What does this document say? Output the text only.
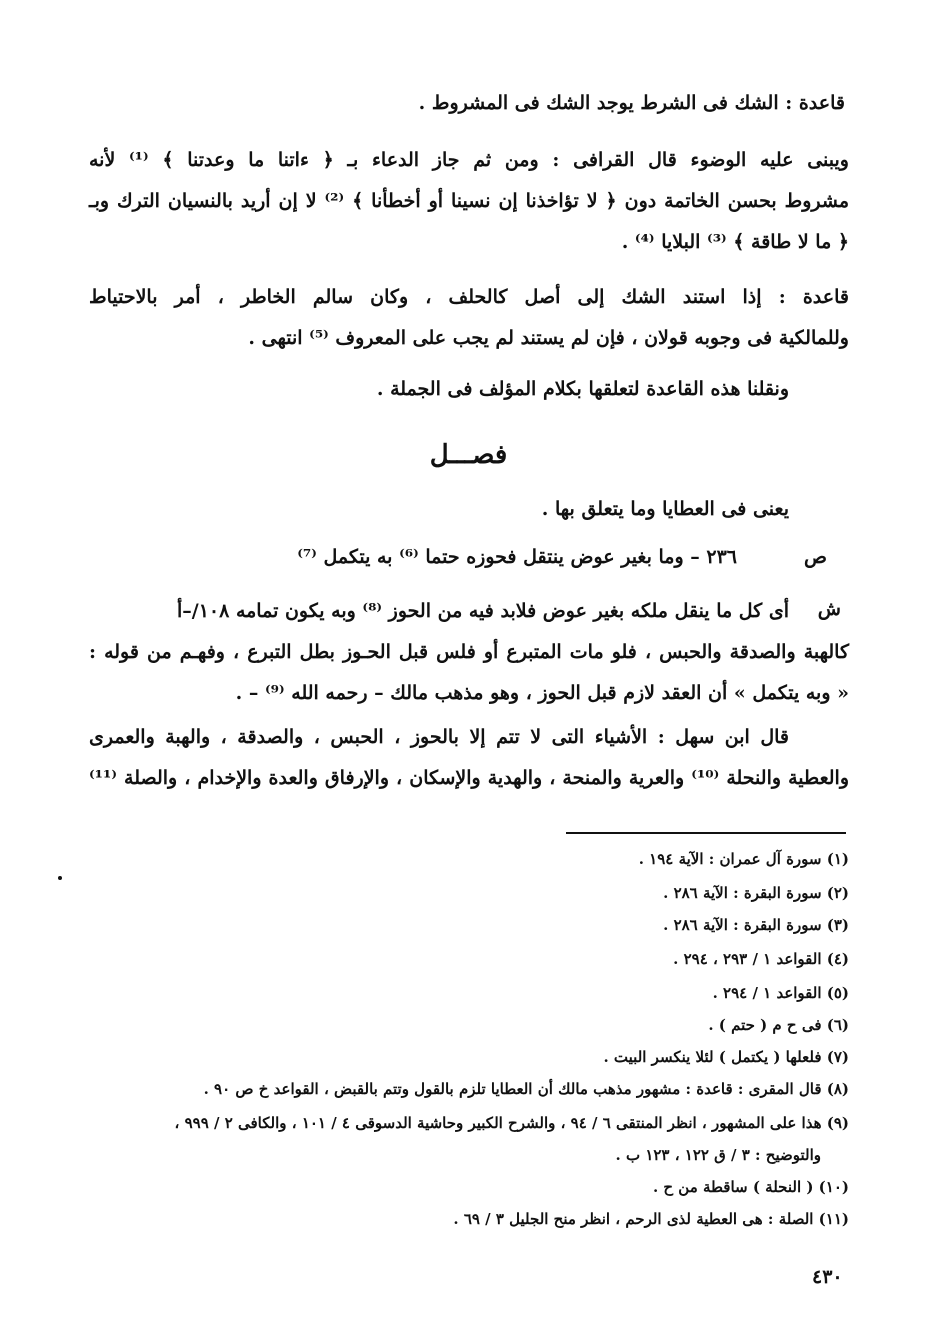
قاعدة : الشك فى الشرط يوجد الشك فى المشروط .
ويبنى عليه الوضوء قال القرافى : ومن ثم جاز الدعاء بـ ﴿ ءاتنا ما وعدتنا ﴾ ⁽¹⁾ لأنه
مشروط بحسن الخاتمة دون ﴿ لا تؤاخذنا إن نسينا أو أخطأنا ﴾ ⁽²⁾ لا إن أريد بالنسيان الترك وبـ
﴿ ما لا طاقة ﴾ ⁽³⁾ البلايا ⁽⁴⁾ .
قاعدة : إذا استند الشك إلى أصل كالحلف ، وكان سالم الخاطر ، أمر بالاحتياط
وللمالكية فى وجوبه قولان ، فإن لم يستند لم يجب على المعروف ⁽⁵⁾ انتهى .
ونقلنا هذه القاعدة لتعلقها بكلام المؤلف فى الجملة .
فصـــل
يعنى فى العطايا وما يتعلق بها .
ص
٢٣٦ – وما بغير عوض ينتقل فحوزه حتما ⁽⁶⁾ به يتكمل ⁽⁷⁾
ش
أى كل ما ينقل ملكه بغير عوض فلابد فيه من الحوز ⁽⁸⁾ وبه يكون تمامه ١٠٨/–أ
كالهبة والصدقة والحبس ، فلو مات المتبرع أو فلس قبل الحـوز بطل التبرع ، وفهـم من قوله :
« وبه يتكمل » أن العقد لازم قبل الحوز ، وهو مذهب مالك – رحمه الله ⁽⁹⁾ – .
قال ابن سهل : الأشياء التى لا تتم إلا بالحوز ، الحبس ، والصدقة ، والهبة والعمرى
والعطية والنحلة ⁽¹⁰⁾ والعرية والمنحة ، والهدية والإسكان ، والإرفاق والعدة والإخدام ، والصلة ⁽¹¹⁾
(١) سورة آل عمران : الآية ١٩٤ .
(٢) سورة البقرة : الآية ٢٨٦ .
(٣) سورة البقرة : الآية ٢٨٦ .
(٤) القواعد ١ / ٢٩٣ ، ٢٩٤ .
(٥) القواعد ١ / ٢٩٤ .
(٦) فى ح م ( حتم ) .
(٧) فلعلها ( يكتمل ) لئلا ينكسر البيت .
(٨) قال المقرى : قاعدة : مشهور مذهب مالك أن العطايا تلزم بالقول وتتم بالقبض ، القواعد خ ص ٩٠ .
(٩) هذا على المشهور ، انظر المنتقى ٦ / ٩٤ ، والشرح الكبير وحاشية الدسوقى ٤ / ١٠١ ، والكافى ٢ / ٩٩٩ ،
والتوضيح : ٣ / ق ١٢٢ ، ١٢٣ ب .
(١٠) ( النحلة ) ساقطة من ح .
(١١) الصلة : هى العطية لذى الرحم ، انظر منح الجليل ٣ / ٦٩ .
٤٣٠
